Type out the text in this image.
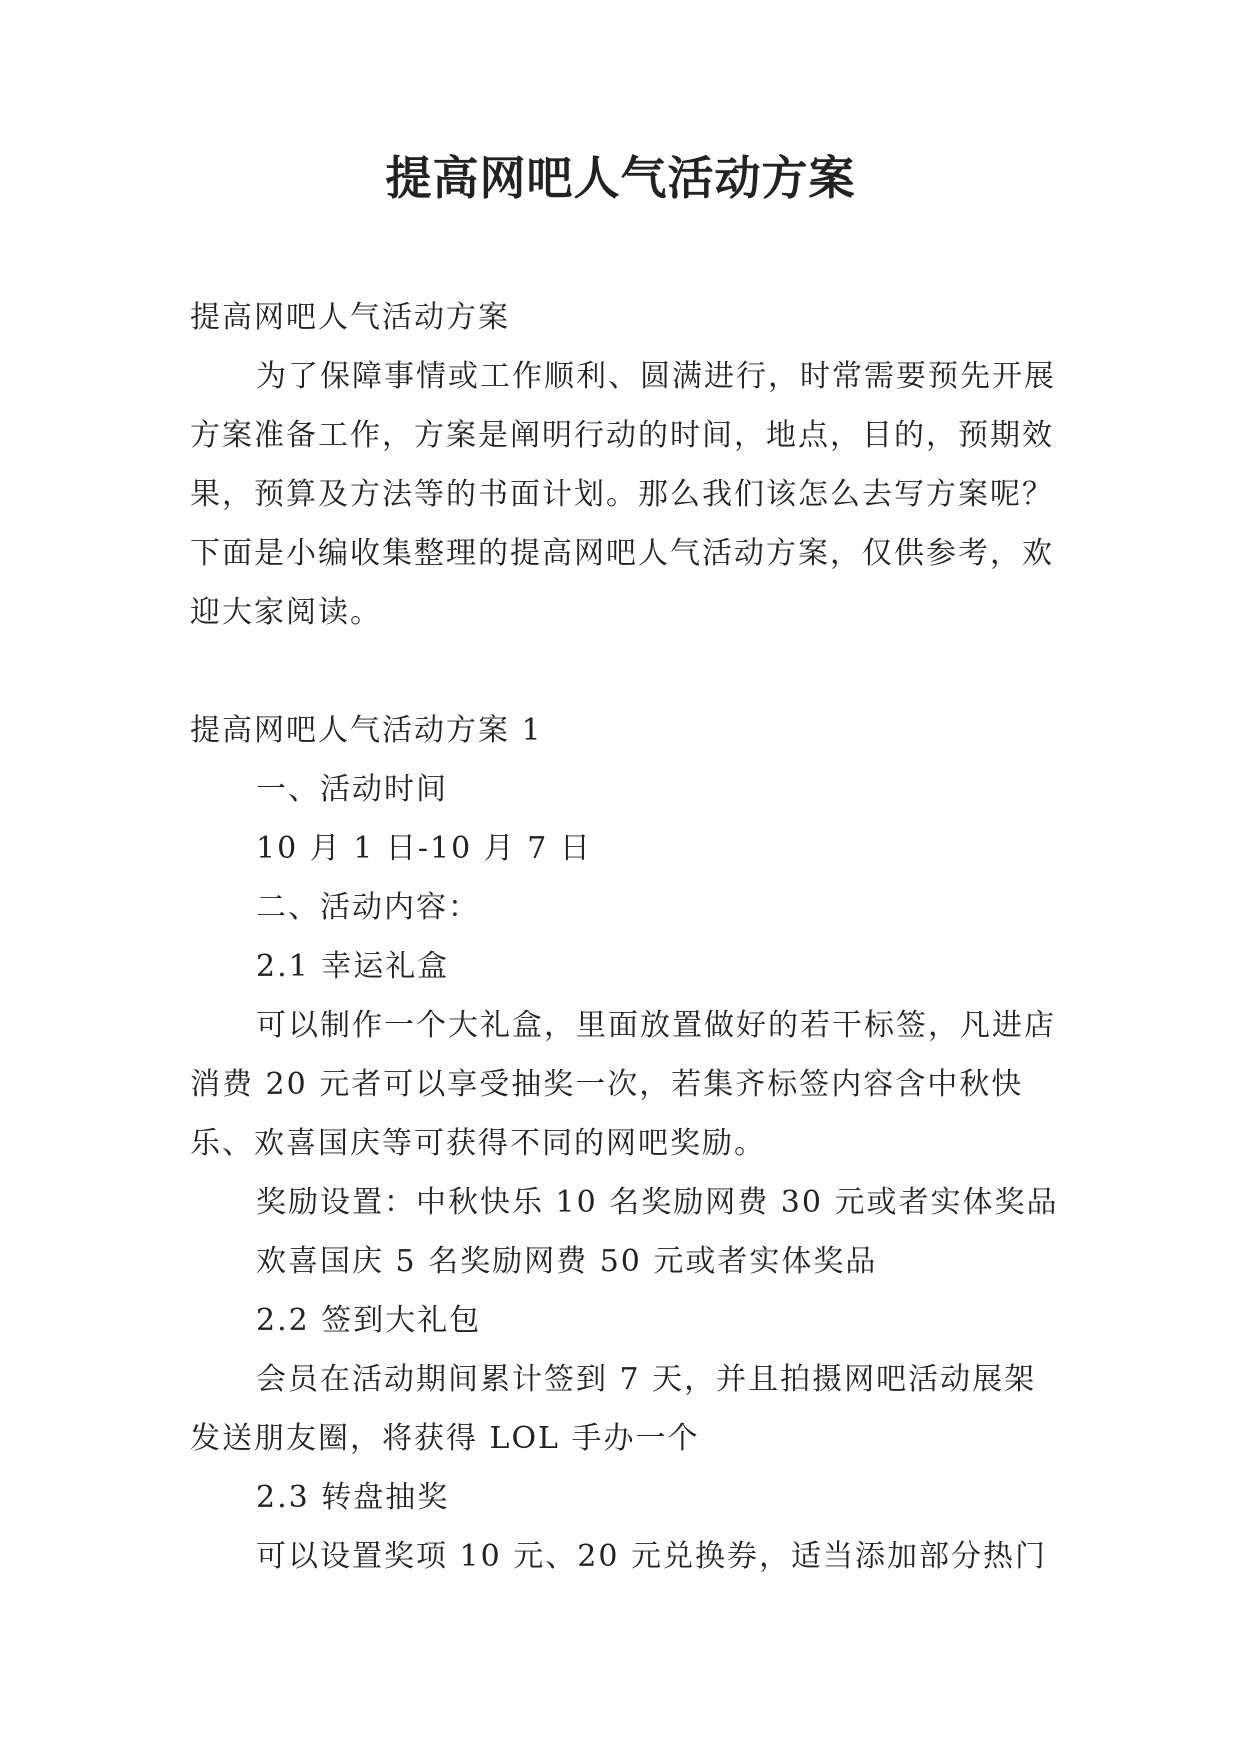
提高网吧人气活动方案

提高网吧人气活动方案

为了保障事情或工作顺利、圆满进行，时常需要预先开展方案准备工作，方案是阐明行动的时间，地点，目的，预期效果，预算及方法等的书面计划。那么我们该怎么去写方案呢？下面是小编收集整理的提高网吧人气活动方案，仅供参考，欢迎大家阅读。

提高网吧人气活动方案 1

一、活动时间

10 月 1 日-10 月 7 日

二、活动内容：

2.1 幸运礼盒

可以制作一个大礼盒，里面放置做好的若干标签，凡进店消费 20 元者可以享受抽奖一次，若集齐标签内容含中秋快乐、欢喜国庆等可获得不同的网吧奖励。

奖励设置：中秋快乐 10 名奖励网费 30 元或者实体奖品

欢喜国庆 5 名奖励网费 50 元或者实体奖品

2.2 签到大礼包

会员在活动期间累计签到 7 天，并且拍摄网吧活动展架发送朋友圈，将获得 LOL 手办一个

2.3 转盘抽奖

可以设置奖项 10 元、20 元兑换券，适当添加部分热门
